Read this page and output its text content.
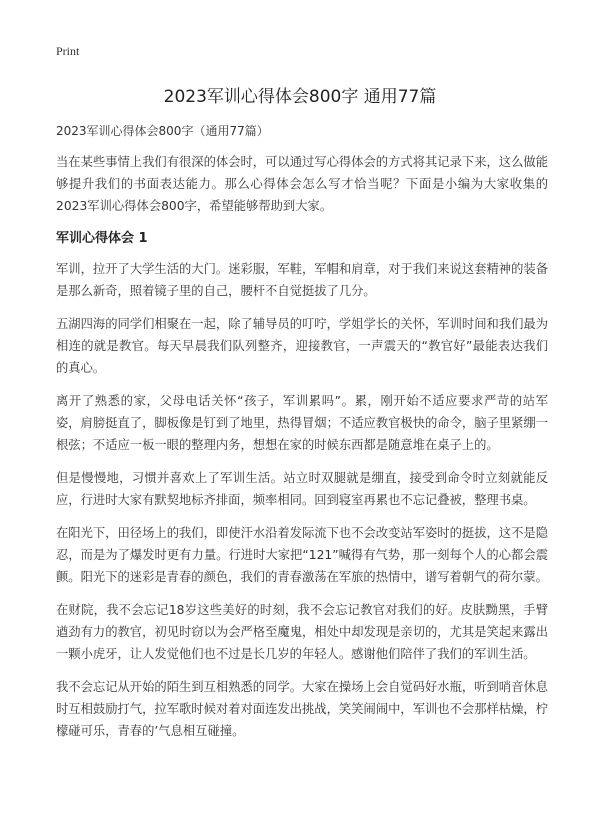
Print
2023军训心得体会800字 通用77篇
2023军训心得体会800字（通用77篇）

当在某些事情上我们有很深的体会时，可以通过写心得体会的方式将其记录下来，这么做能够提升我们的书面表达能力。那么心得体会怎么写才恰当呢？下面是小编为大家收集的2023军训心得体会800字，希望能够帮助到大家。

军训心得体会 1

军训，拉开了大学生活的大门。迷彩服，军鞋，军帽和肩章，对于我们来说这套精神的装备是那么新奇，照着镜子里的自己，腰杆不自觉挺拔了几分。

五湖四海的同学们相聚在一起，除了辅导员的叮咛，学姐学长的关怀，军训时间和我们最为相连的就是教官。每天早晨我们队列整齐，迎接教官，一声震天的“教官好”最能表达我们的真心。

离开了熟悉的家，父母电话关怀“孩子，军训累吗”。累，刚开始不适应要求严苛的站军姿，肩膀挺直了，脚板像是钉到了地里，热得冒烟；不适应教官极快的命令，脑子里紧绷一根弦；不适应一板一眼的整理内务，想想在家的时候东西都是随意堆在桌子上的。

但是慢慢地，习惯并喜欢上了军训生活。站立时双腿就是绷直，接受到命令时立刻就能反应，行进时大家有默契地标齐排面，频率相同。回到寝室再累也不忘记叠被，整理书桌。

在阳光下，田径场上的我们，即使汗水沿着发际流下也不会改变站军姿时的挺拔，这不是隐忍，而是为了爆发时更有力量。行进时大家把“121”喊得有气势，那一刻每个人的心都会震颤。阳光下的迷彩是青春的颜色，我们的青春激荡在军旅的热情中，谱写着朝气的荷尔蒙。

在财院，我不会忘记18岁这些美好的时刻，我不会忘记教官对我们的好。皮肤黝黑，手臂遒劲有力的教官，初见时窃以为会严格至魔鬼，相处中却发现是亲切的，尤其是笑起来露出一颗小虎牙，让人发觉他们也不过是长几岁的年轻人。感谢他们陪伴了我们的军训生活。

我不会忘记从开始的陌生到互相熟悉的同学。大家在操场上会自觉码好水瓶，听到哨音休息时互相鼓励打气，拉军歌时候对着对面连发出挑战，笑笑闹闹中，军训也不会那样枯燥，柠檬碰可乐，青春的’气息相互碰撞。
